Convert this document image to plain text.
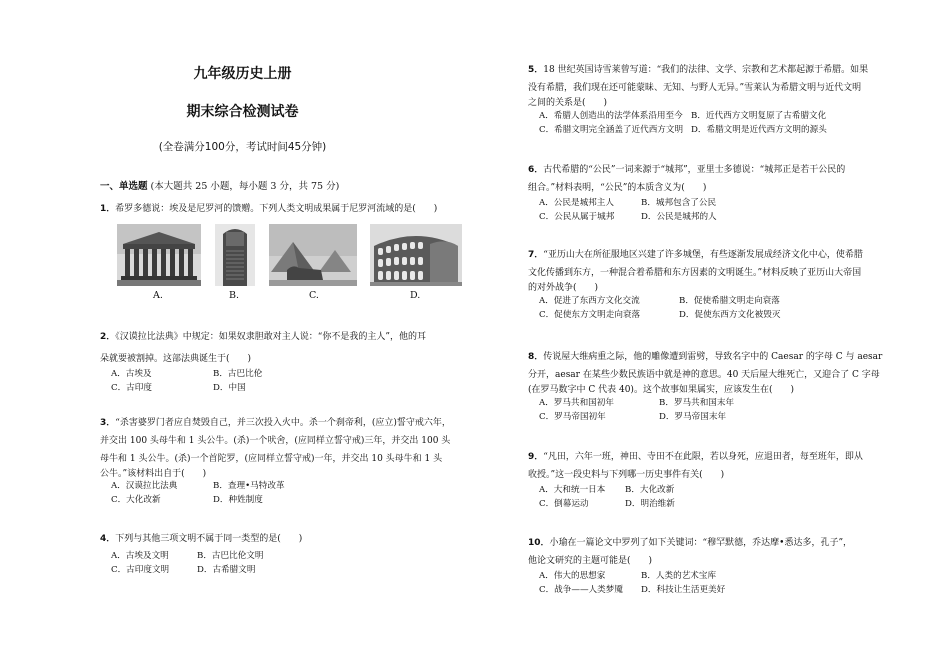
九年级历史上册
期末综合检测试卷
(全卷满分100分，考试时间45分钟)
一、单选题 (本大题共 25 小题，每小题 3 分，共 75 分)
1．希罗多德说：埃及是尼罗河的馈赠。下列人类文明成果属于尼罗河流域的是(　　)
A.	B.	C.	D.
2．《汉谟拉比法典》中规定：如果奴隶胆敢对主人说：“你不是我的主人”，他的耳
朵就要被割掉。这部法典诞生于(　　)
A．古埃及	B．古巴比伦
C．古印度	D．中国
3．“杀害婆罗门者应自焚毁自己，并三次投入火中。杀一个刹帝利，(应立)誓守戒六年，
并交出 100 头母牛和 1 头公牛。(杀)一个吠舍，(应同样立誓守戒)三年，并交出 100 头
母牛和 1 头公牛。(杀)一个首陀罗，(应同样立誓守戒)一年，并交出 10 头母牛和 1 头
公牛。”该材料出自于(　　)
A．汉谟拉比法典	B．查理•马特改革
C．大化改新	D．种姓制度
4．下列与其他三项文明不属于同一类型的是(　　)
A．古埃及文明	B．古巴比伦文明
C．古印度文明	D．古希腊文明
5．18 世纪英国诗雪莱曾写道：“我们的法律、文学、宗教和艺术都起源于希腊。如果
没有希腊，我们现在还可能蒙昧、无知、与野人无异。”雪莱认为希腊文明与近代文明
之间的关系是(　　)
A．希腊人创造出的法学体系沿用至今 B．近代西方文明复原了古希腊文化
C．希腊文明完全涵盖了近代西方文明 D．希腊文明是近代西方文明的源头
6．古代希腊的“公民”一词来源于“城邦”，亚里士多德说：“城邦正是若干公民的
组合。”材料表明，“公民”的本质含义为(　　)
A．公民是城邦主人	B．城邦包含了公民
C．公民从属于城邦	D．公民是城邦的人
7．“亚历山大在所征服地区兴建了许多城堡，有些逐渐发展成经济文化中心，使希腊
文化传播到东方，一种混合着希腊和东方因素的文明诞生。”材料反映了亚历山大帝国
的对外战争(　　)
A．促进了东西方文化交流	B．促使希腊文明走向衰落
C．促使东方文明走向衰落	D．促使东西方文化被毁灭
8．传说屋大维病重之际，他的雕像遭到雷劈，导致名字中的 Caesar 的字母 C 与 aesar
分开，aesar 在某些少数民族语中就是神的意思。40 天后屋大维死亡，又迎合了 C 字母
(在罗马数字中 C 代表 40)。这个故事如果属实，应该发生在(　　)
A．罗马共和国初年	B．罗马共和国末年
C．罗马帝国初年	D．罗马帝国末年
9．“凡田，六年一班，神田、寺田不在此限，若以身死，应退田者，每至班年，即从
收授。”这一段史料与下列哪一历史事件有关(　　)
A．大和统一日本 B．大化改新
C．倒幕运动	D．明治维新
10．小瑜在一篇论文中罗列了如下关键词：“穆罕默德，乔达摩•悉达多，孔子”，
他论文研究的主题可能是(　　)
A．伟大的思想家	B．人类的艺术宝库
C．战争——人类梦魇 D．科技让生活更美好
